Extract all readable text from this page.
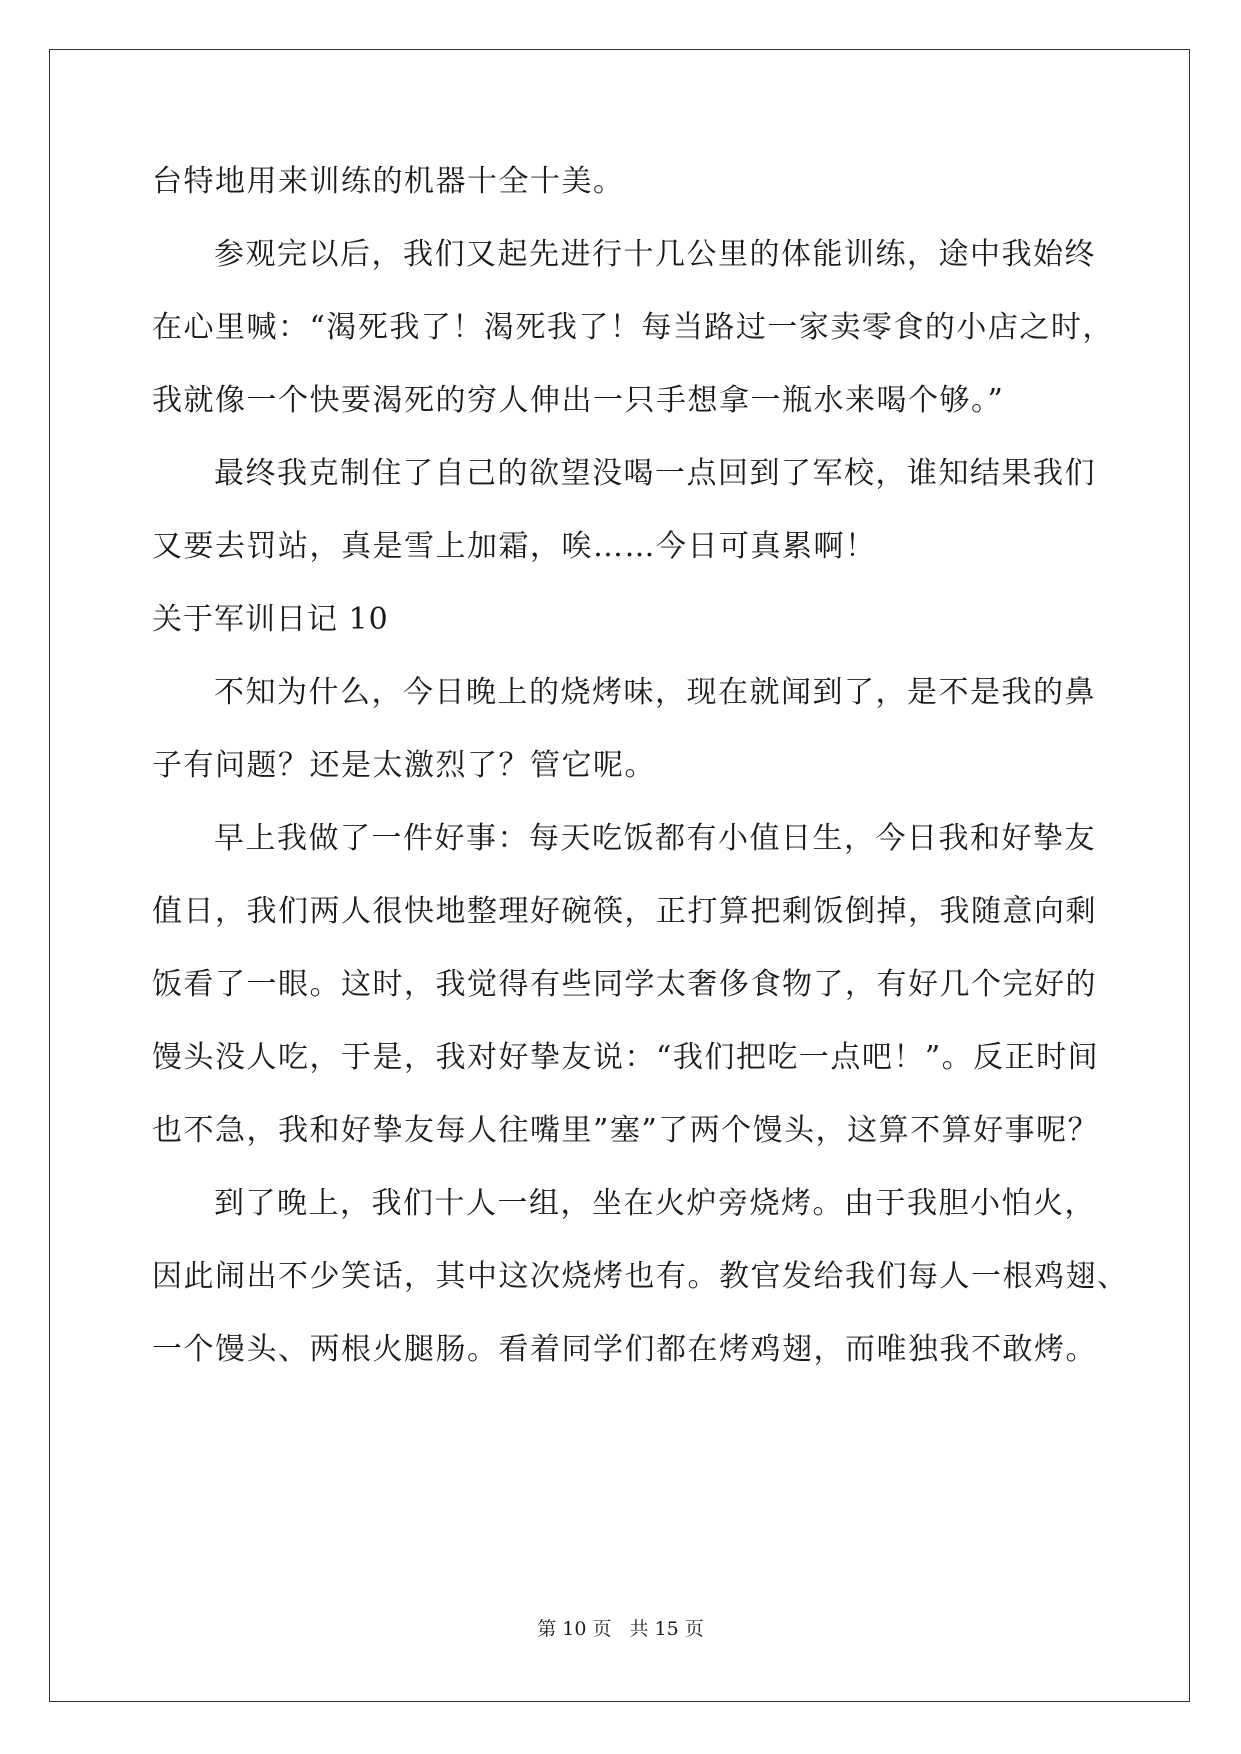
台特地用来训练的机器十全十美。
参观完以后，我们又起先进行十几公里的体能训练，途中我始终
在心里喊：“渴死我了！渴死我了！每当路过一家卖零食的小店之时，
我就像一个快要渴死的穷人伸出一只手想拿一瓶水来喝个够。”
最终我克制住了自己的欲望没喝一点回到了军校，谁知结果我们
又要去罚站，真是雪上加霜，唉……今日可真累啊！
关于军训日记 10
不知为什么，今日晚上的烧烤味，现在就闻到了，是不是我的鼻
子有问题？还是太激烈了？管它呢。
早上我做了一件好事：每天吃饭都有小值日生，今日我和好挚友
值日，我们两人很快地整理好碗筷，正打算把剩饭倒掉，我随意向剩
饭看了一眼。这时，我觉得有些同学太奢侈食物了，有好几个完好的
馒头没人吃，于是，我对好挚友说：“我们把吃一点吧！”。反正时间
也不急，我和好挚友每人往嘴里”塞”了两个馒头，这算不算好事呢？
到了晚上，我们十人一组，坐在火炉旁烧烤。由于我胆小怕火，
因此闹出不少笑话，其中这次烧烤也有。教官发给我们每人一根鸡翅、
一个馒头、两根火腿肠。看着同学们都在烤鸡翅，而唯独我不敢烤。
第 10 页 共 15 页
